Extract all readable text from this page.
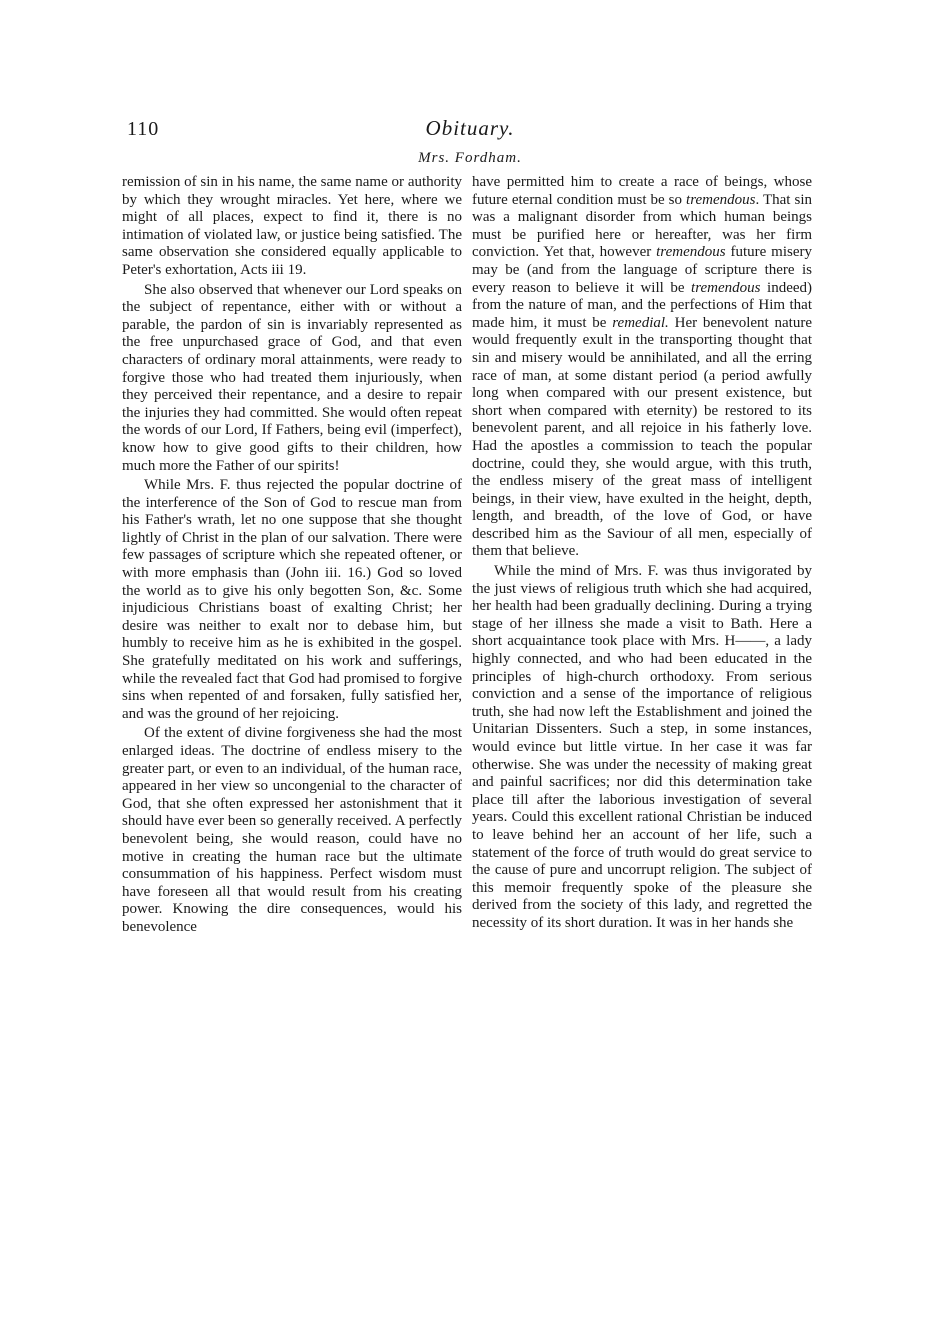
110	Obituary.
Mrs. Fordham.

remission of sin in his name, the same name or authority by which they wrought miracles. Yet here, where we might of all places, expect to find it, there is no intimation of violated law, or justice being satisfied. The same observation she considered equally applicable to Peter's exhortation, Acts iii 19.

She also observed that whenever our Lord speaks on the subject of repentance, either with or without a parable, the pardon of sin is invariably represented as the free unpurchased grace of God, and that even characters of ordinary moral attainments, were ready to forgive those who had treated them injuriously, when they perceived their repentance, and a desire to repair the injuries they had committed. She would often repeat the words of our Lord, If Fathers, being evil (imperfect), know how to give good gifts to their children, how much more the Father of our spirits!

While Mrs. F. thus rejected the popular doctrine of the interference of the Son of God to rescue man from his Father's wrath, let no one suppose that she thought lightly of Christ in the plan of our salvation. There were few passages of scripture which she repeated oftener, or with more emphasis than (John iii. 16.) God so loved the world as to give his only begotten Son, &c. Some injudicious Christians boast of exalting Christ; her desire was neither to exalt nor to debase him, but humbly to receive him as he is exhibited in the gospel. She gratefully meditated on his work and sufferings, while the revealed fact that God had promised to forgive sins when repented of and forsaken, fully satisfied her, and was the ground of her rejoicing.

Of the extent of divine forgiveness she had the most enlarged ideas. The doctrine of endless misery to the greater part, or even to an individual, of the human race, appeared in her view so uncongenial to the character of God, that she often expressed her astonishment that it should have ever been so generally received. A perfectly benevolent being, she would reason, could have no motive in creating the human race but the ultimate consummation of his happiness. Perfect wisdom must have foreseen all that would result from his creating power. Knowing the dire consequences, would his benevolence

have permitted him to create a race of beings, whose future eternal condition must be so tremendous. That sin was a malignant disorder from which human beings must be purified here or hereafter, was her firm conviction. Yet that, however tremendous future misery may be (and from the language of scripture there is every reason to believe it will be tremendous indeed) from the nature of man, and the perfections of Him that made him, it must be remedial. Her benevolent nature would frequently exult in the transporting thought that sin and misery would be annihilated, and all the erring race of man, at some distant period (a period awfully long when compared with our present existence, but short when compared with eternity) be restored to its benevolent parent, and all rejoice in his fatherly love. Had the apostles a commission to teach the popular doctrine, could they, she would argue, with this truth, the endless misery of the great mass of intelligent beings, in their view, have exulted in the height, depth, length, and breadth, of the love of God, or have described him as the Saviour of all men, especially of them that believe.

While the mind of Mrs. F. was thus invigorated by the just views of religious truth which she had acquired, her health had been gradually declining. During a trying stage of her illness she made a visit to Bath. Here a short acquaintance took place with Mrs. H——, a lady highly connected, and who had been educated in the principles of high-church orthodoxy. From serious conviction and a sense of the importance of religious truth, she had now left the Establishment and joined the Unitarian Dissenters. Such a step, in some instances, would evince but little virtue. In her case it was far otherwise. She was under the necessity of making great and painful sacrifices; nor did this determination take place till after the laborious investigation of several years. Could this excellent rational Christian be induced to leave behind her an account of her life, such a statement of the force of truth would do great service to the cause of pure and uncorrupt religion. The subject of this memoir frequently spoke of the pleasure she derived from the society of this lady, and regretted the necessity of its short duration. It was in her hands she
